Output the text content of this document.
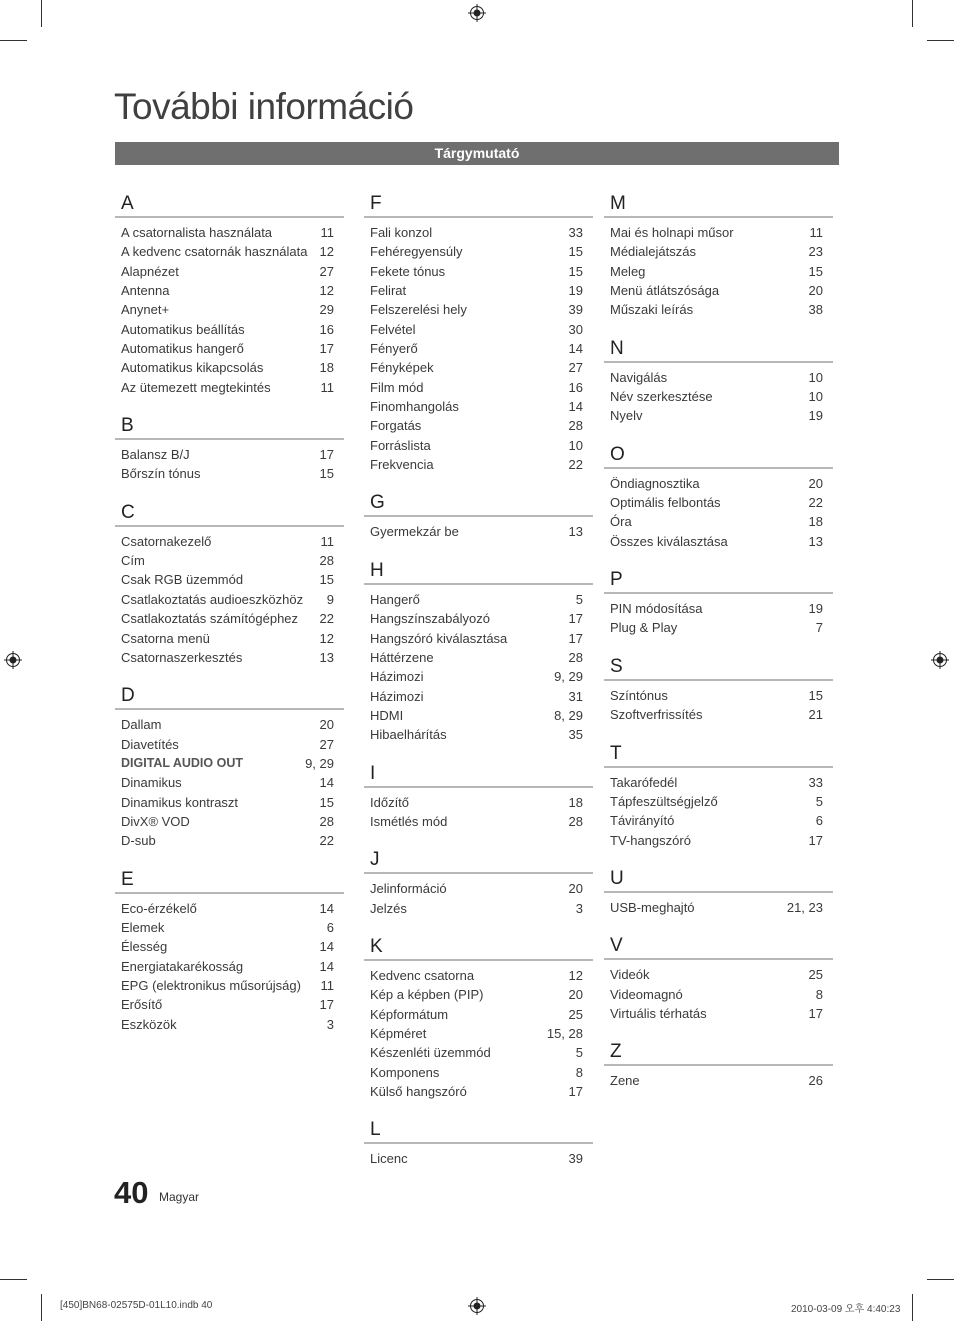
További információ
Tárgymutató
A
A csatornalista használata	11
A kedvenc csatornák használata 12
Alapnézet	27
Antenna	12
Anynet+	29
Automatikus beállítás	16
Automatikus hangerő	17
Automatikus kikapcsolás	18
Az ütemezett megtekintés	11
B
Balansz B/J	17
Bőrszín tónus	15
C
Csatornakezelő	11
Cím	28
Csak RGB üzemmód	15
Csatlakoztatás audioeszközhöz 9
Csatlakoztatás számítógéphez 22
Csatorna menü	12
Csatornaszerkesztés	13
D
Dallam	20
Diavetítés	27
DIGITAL AUDIO OUT	9, 29
Dinamikus	14
Dinamikus kontraszt	15
DivX® VOD	28
D-sub	22
E
Eco-érzékelő	14
Elemek	6
Élesség	14
Energiatakarékosság	14
EPG (elektronikus műsorújság) 11
Erősítő	17
Eszközök	3
F
Fali konzol	33
Fehéregyensúly	15
Fekete tónus	15
Felirat	19
Felszerelési hely	39
Felvétel	30
Fényerő	14
Fényképek	27
Film mód	16
Finomhangolás	14
Forgatás	28
Forráslista	10
Frekvencia	22
G
Gyermekzár be	13
H
Hangerő	5
Hangszínszabályozó	17
Hangszóró kiválasztása	17
Háttérzene	28
Házimozi	9, 29
Házimozi	31
HDMI	8, 29
Hibaelhárítás	35
I
Időzítő	18
Ismétlés mód	28
J
Jelinformáció	20
Jelzés	3
K
Kedvenc csatorna	12
Kép a képben (PIP)	20
Képformátum	25
Képméret	15, 28
Készenléti üzemmód	5
Komponens	8
Külső hangszóró	17
L
Licenc	39
M
Mai és holnapi műsor	11
Médialejátszás	23
Meleg	15
Menü átlátszósága	20
Műszaki leírás	38
N
Navigálás	10
Név szerkesztése	10
Nyelv	19
O
Öndiagnosztika	20
Optimális felbontás	22
Óra	18
Összes kiválasztása	13
P
PIN módosítása	19
Plug & Play	7
S
Színtónus	15
Szoftverfrissítés	21
T
Takarófedél	33
Tápfeszültségjelző	5
Távirányító	6
TV-hangszóró	17
U
USB-meghajtó	21, 23
V
Videók	25
Videomagnó	8
Virtuális térhatás	17
Z
Zene	26
40 Magyar
[450]BN68-02575D-01L10.indb 40	2010-03-09 오후 4:40:23
